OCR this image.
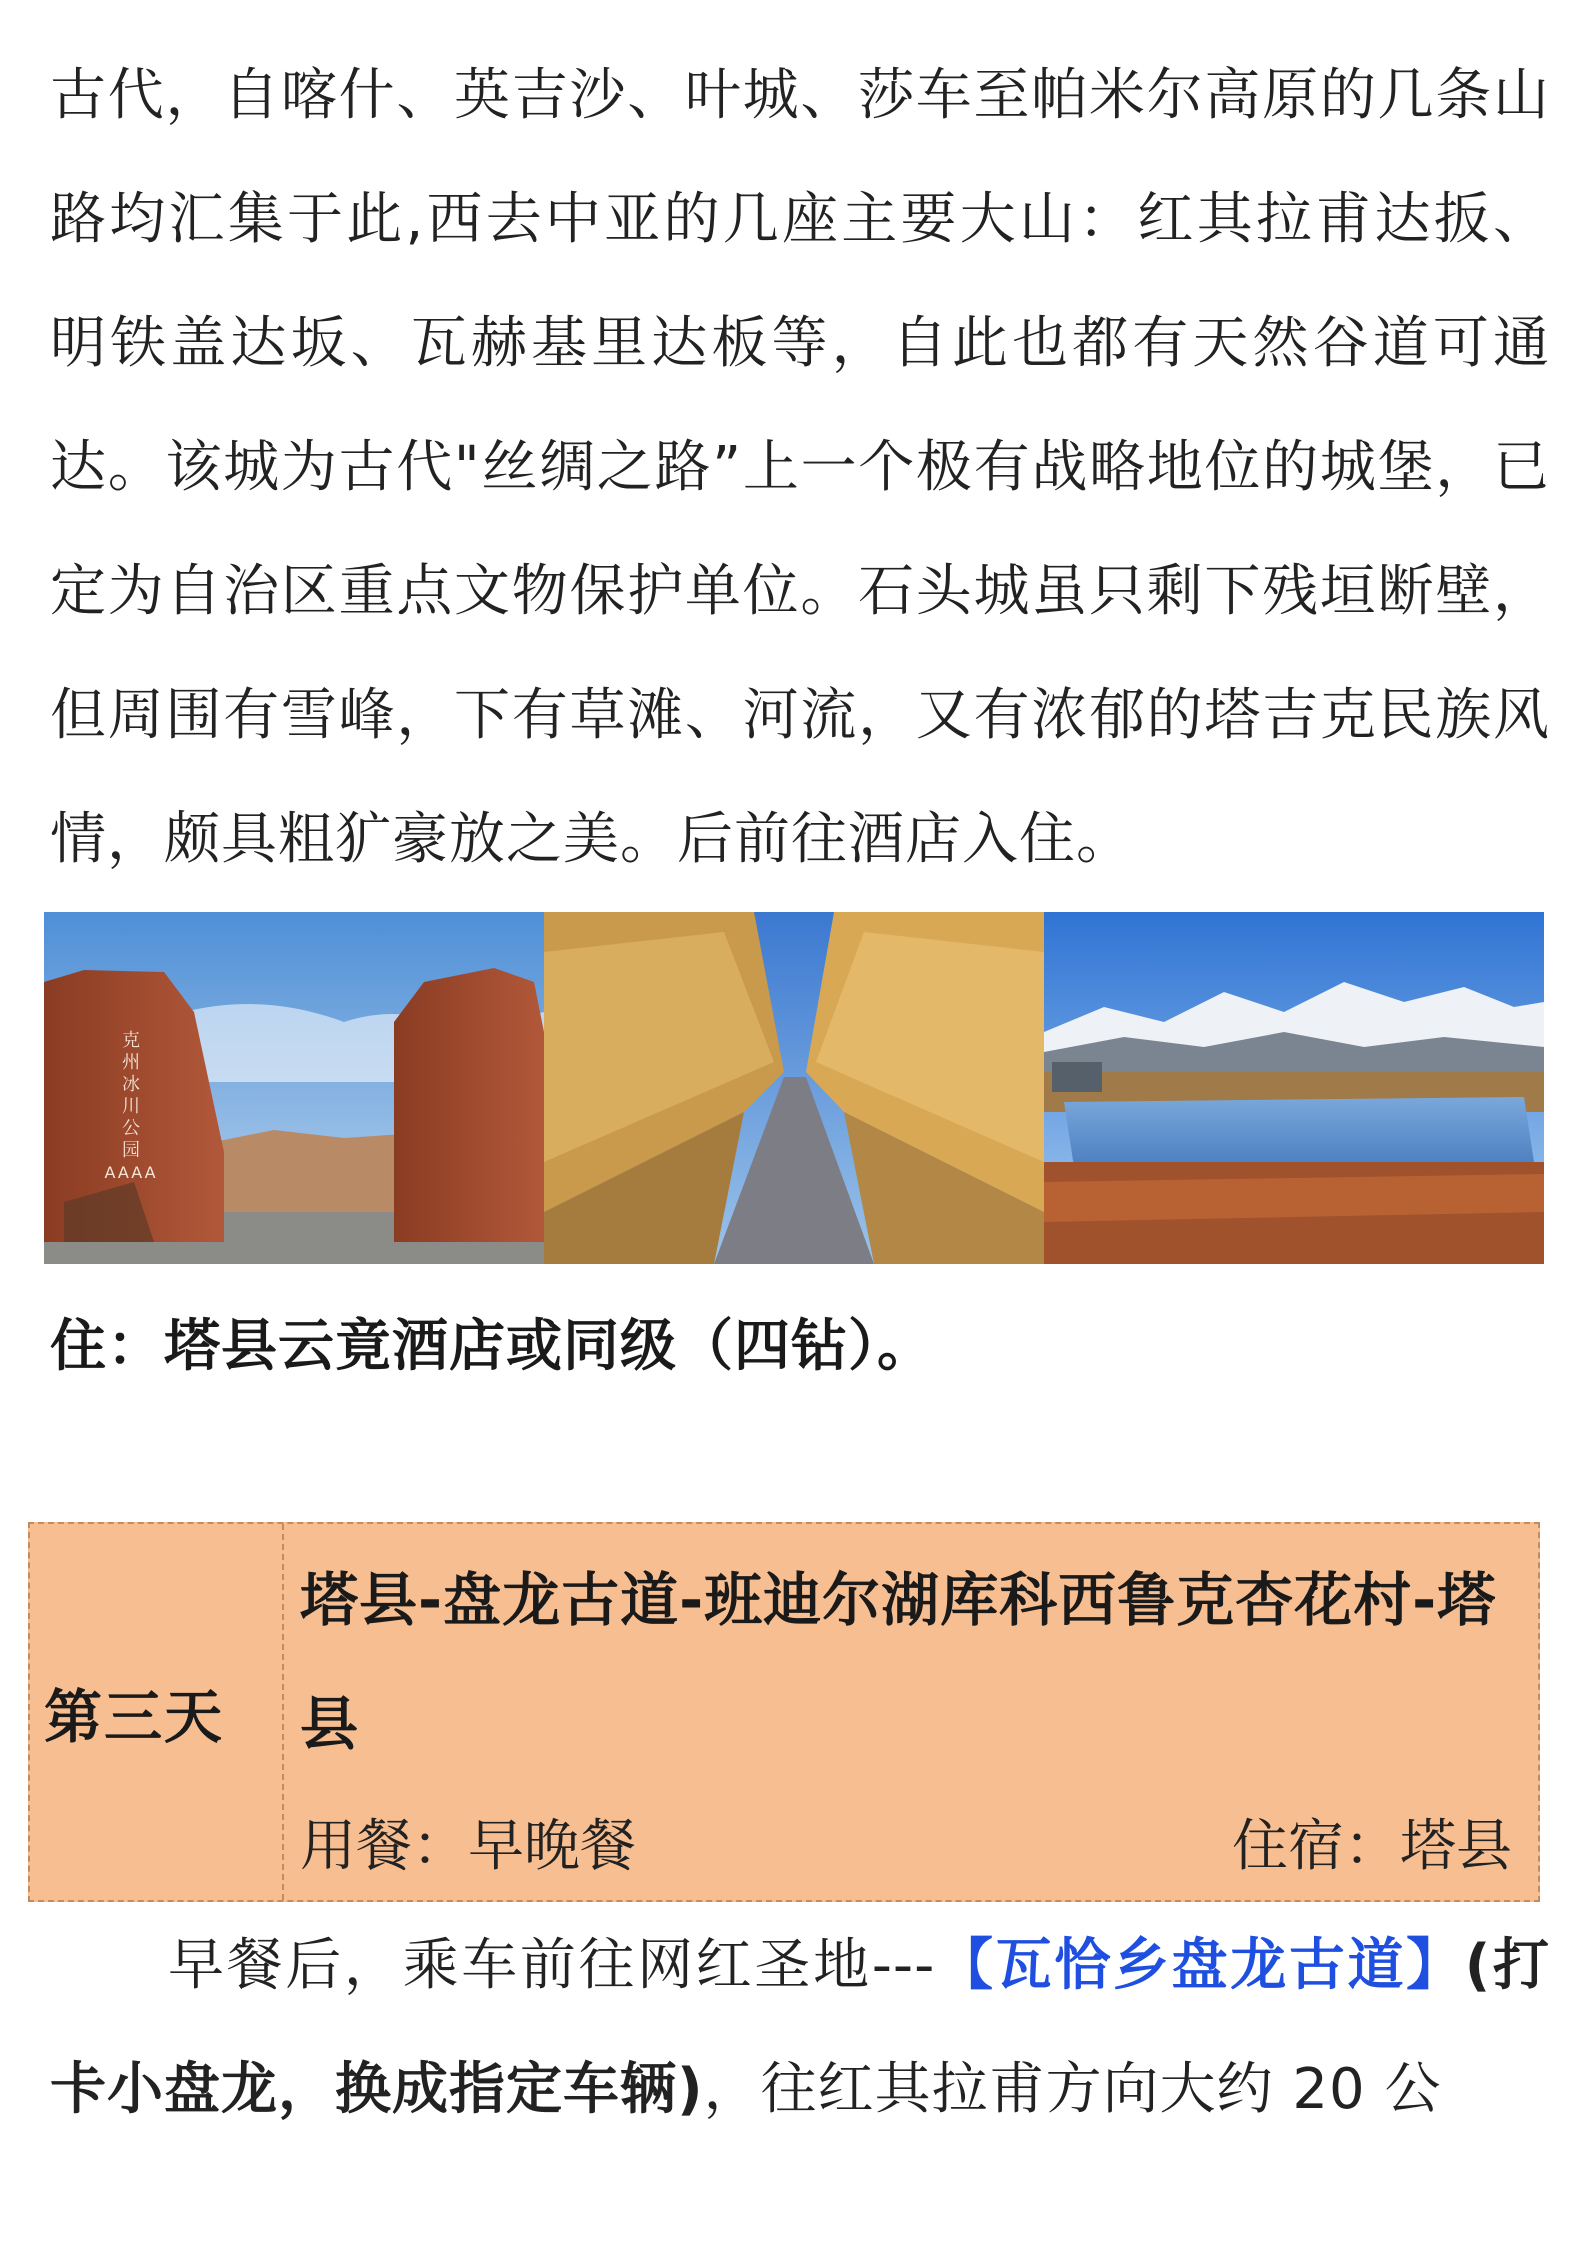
古代，自喀什、英吉沙、叶城、莎车至帕米尔高原的几条山路均汇集于此,西去中亚的几座主要大山：红其拉甫达扳、明铁盖达坂、瓦赫基里达板等，自此也都有天然谷道可通达。该城为古代"丝绸之路”上一个极有战略地位的城堡，已定为自治区重点文物保护单位。石头城虽只剩下残垣断壁，但周围有雪峰，下有草滩、河流，又有浓郁的塔吉克民族风情，颇具粗犷豪放之美。后前往酒店入住。

克
州
冰
川
公
园
AAAA
住：塔县云竟酒店或同级（四钻）。
第三天
塔县-盘龙古道-班迪尔湖库科西鲁克杏花村-塔县
用餐：早晚餐	住宿：塔县

早餐后，乘车前往网红圣地---【瓦恰乡盘龙古道】(打卡小盘龙，换成指定车辆)，往红其拉甫方向大约 20 公
